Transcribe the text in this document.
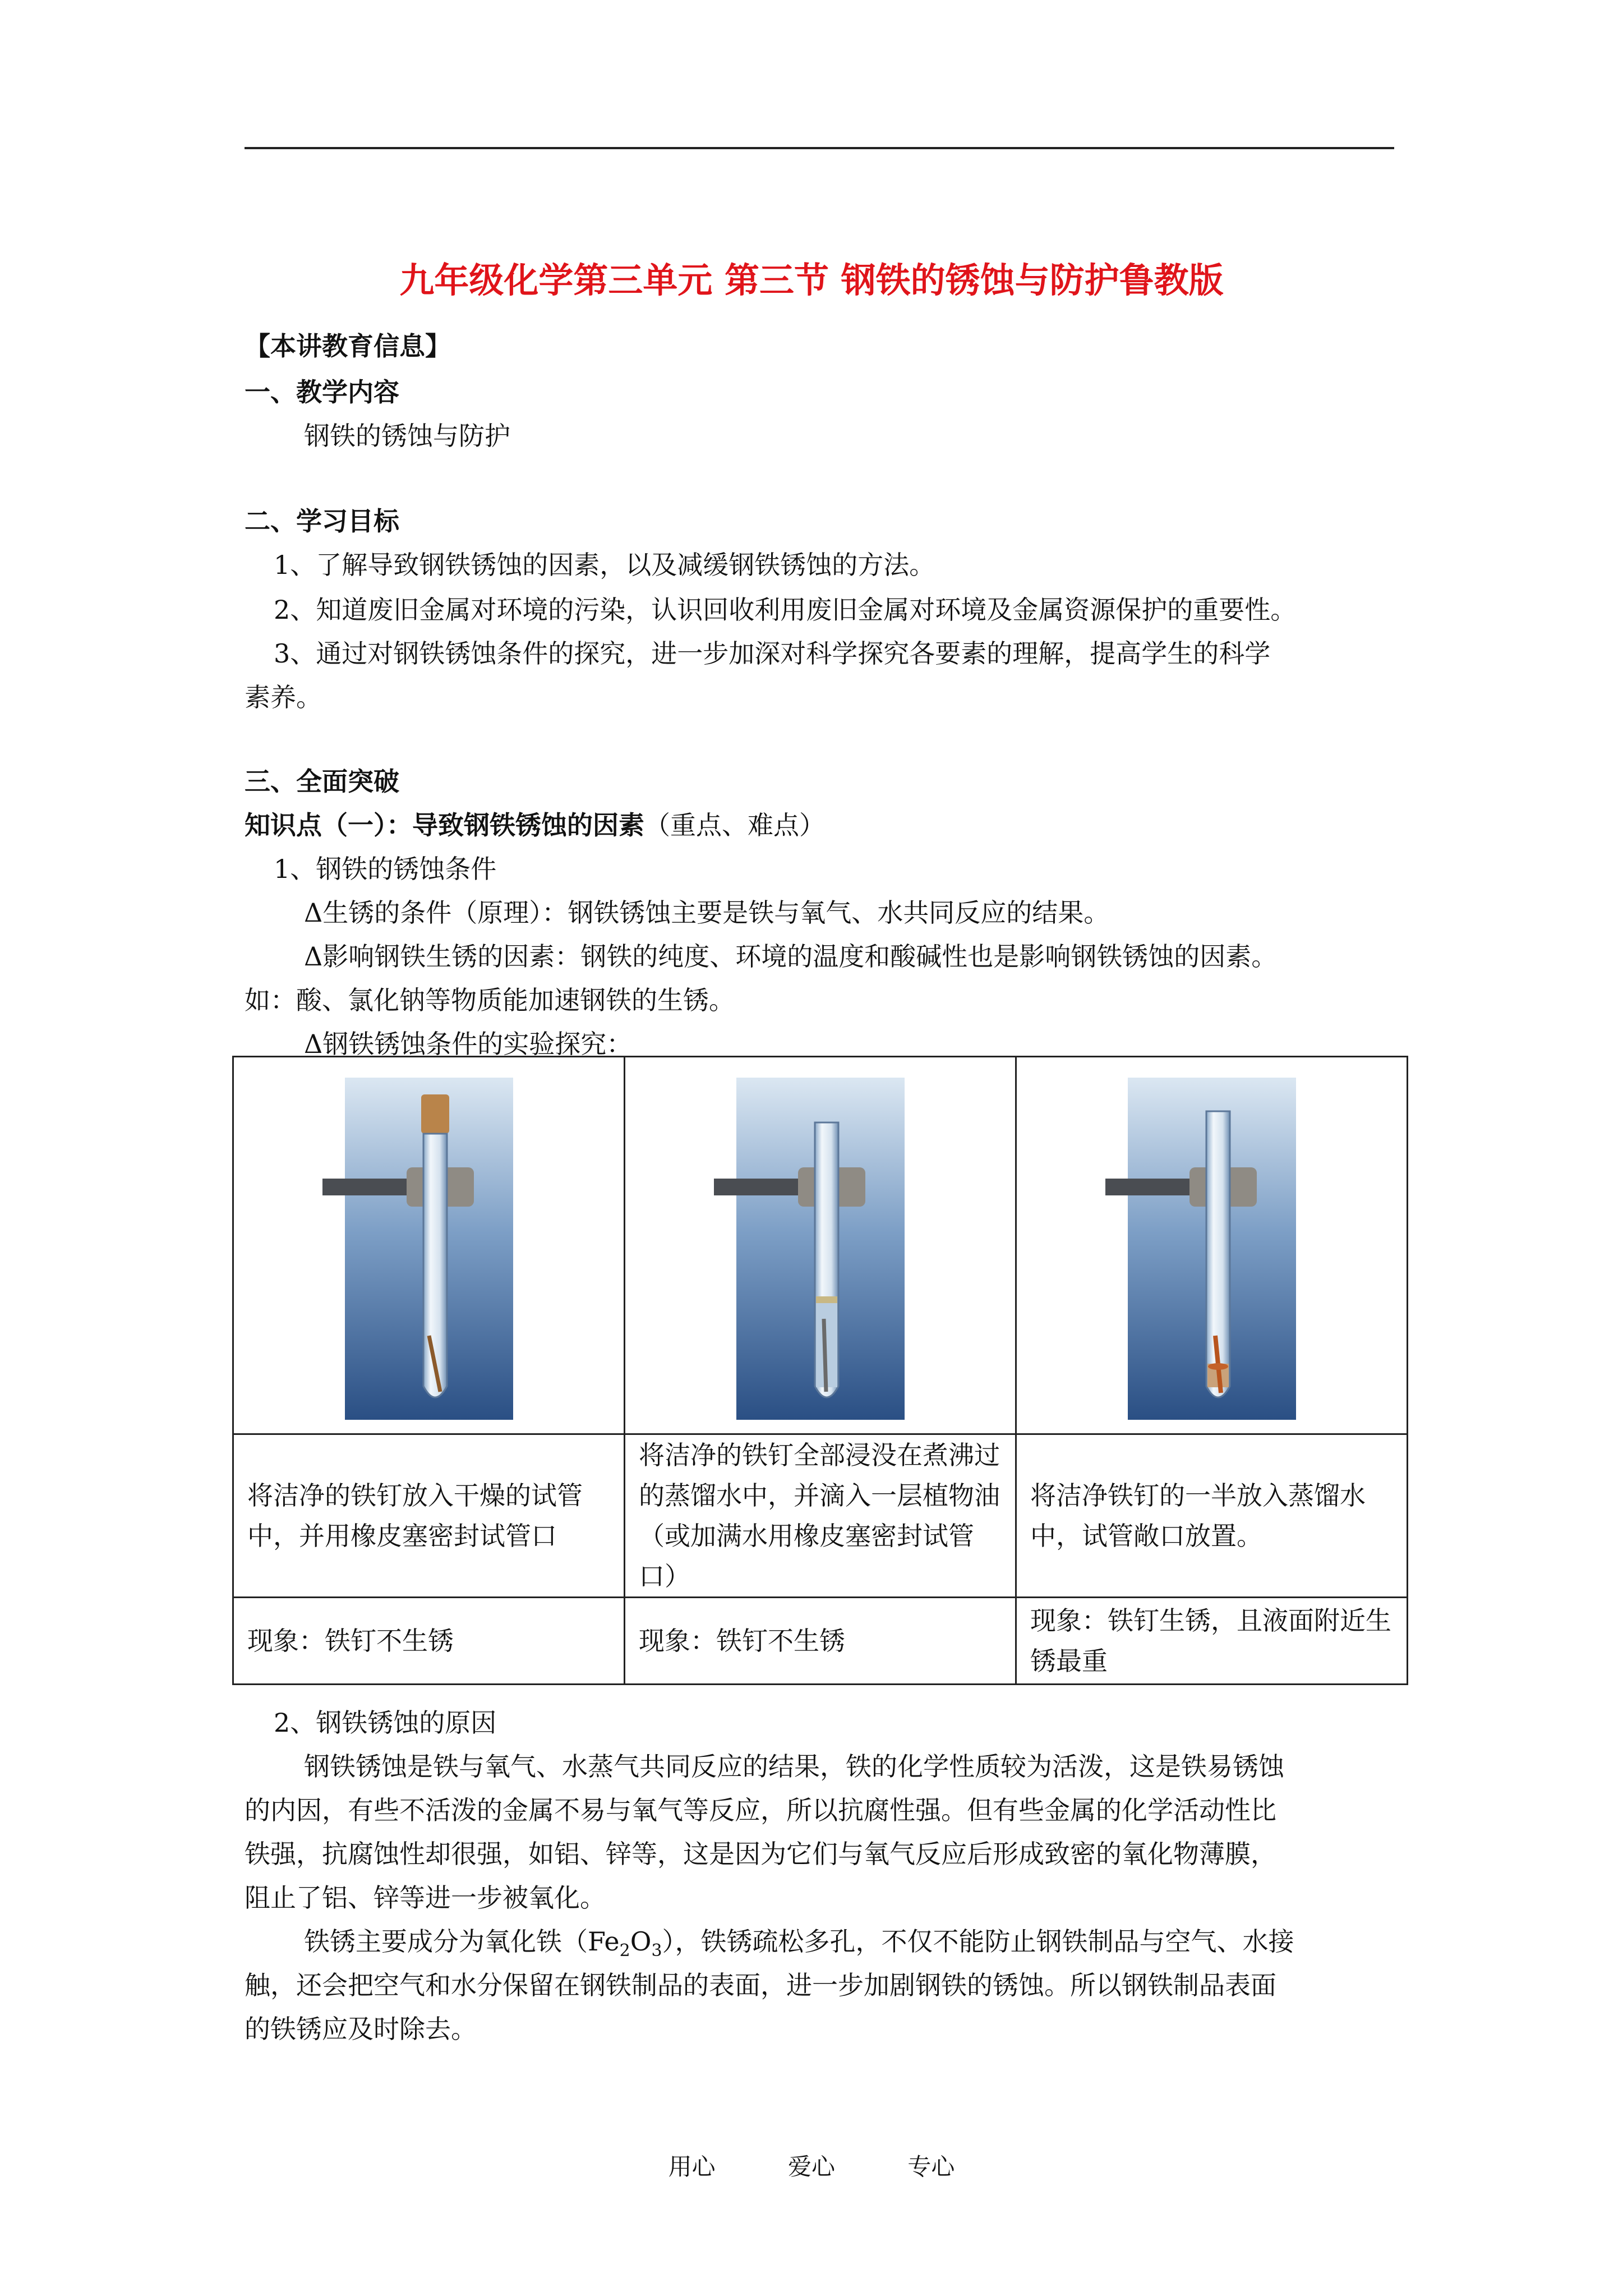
九年级化学第三单元 第三节 钢铁的锈蚀与防护鲁教版
【本讲教育信息】
一、教学内容
钢铁的锈蚀与防护
二、学习目标
1、了解导致钢铁锈蚀的因素，以及减缓钢铁锈蚀的方法。
2、知道废旧金属对环境的污染，认识回收利用废旧金属对环境及金属资源保护的重要性。
3、通过对钢铁锈蚀条件的探究，进一步加深对科学探究各要素的理解，提高学生的科学
素养。
三、全面突破
知识点（一）：导致钢铁锈蚀的因素（重点、难点）
1、钢铁的锈蚀条件
Δ生锈的条件（原理）：钢铁锈蚀主要是铁与氧气、水共同反应的结果。
Δ影响钢铁生锈的因素：钢铁的纯度、环境的温度和酸碱性也是影响钢铁锈蚀的因素。
如：酸、氯化钠等物质能加速钢铁的生锈。
Δ钢铁锈蚀条件的实验探究：

将洁净的铁钉放入干燥的试管中，并用橡皮塞密封试管口	将洁净的铁钉全部浸没在煮沸过的蒸馏水中，并滴入一层植物油（或加满水用橡皮塞密封试管口）	将洁净铁钉的一半放入蒸馏水中，试管敞口放置。
现象：铁钉不生锈	现象：铁钉不生锈	现象：铁钉生锈，且液面附近生锈最重
2、钢铁锈蚀的原因
钢铁锈蚀是铁与氧气、水蒸气共同反应的结果，铁的化学性质较为活泼，这是铁易锈蚀
的内因，有些不活泼的金属不易与氧气等反应，所以抗腐性强。但有些金属的化学活动性比
铁强，抗腐蚀性却很强，如铝、锌等，这是因为它们与氧气反应后形成致密的氧化物薄膜，
阻止了铝、锌等进一步被氧化。
铁锈主要成分为氧化铁$(Fe_2O_3)$，铁锈疏松多孔，不仅不能防止钢铁制品与空气、水接
触，还会把空气和水分保留在钢铁制品的表面，进一步加剧钢铁的锈蚀。所以钢铁制品表面
的铁锈应及时除去。
用心	爱心	专心
